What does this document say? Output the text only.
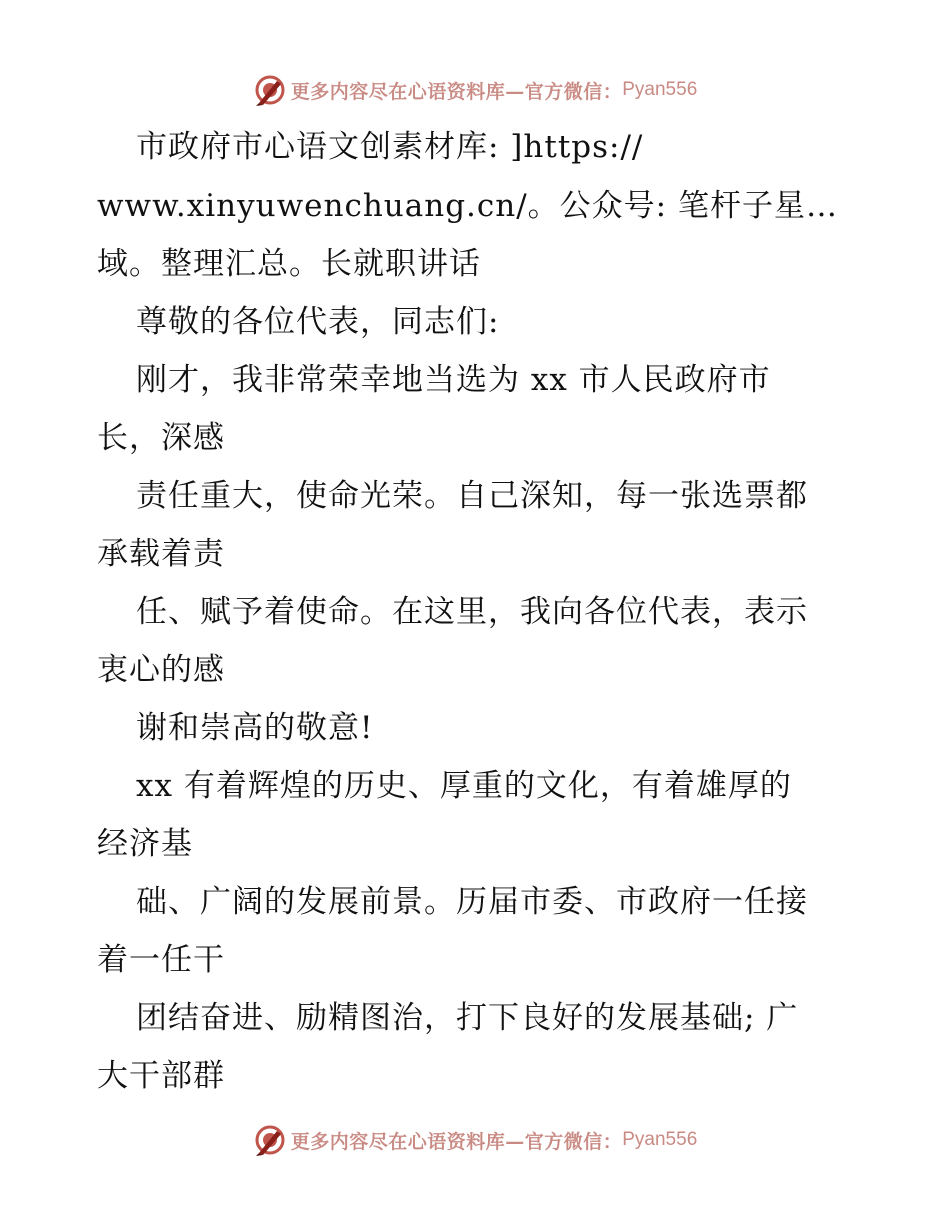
更多内容尽在心语资料库—官方微信： Pyan556
市政府市心语文创素材库: ]https://
www.xinyuwenchuang.cn/。公众号: 笔杆子星…
域。整理汇总。长就职讲话
尊敬的各位代表，同志们:
刚才，我非常荣幸地当选为 xx 市人民政府市
长，深感
责任重大，使命光荣。自己深知，每一张选票都
承载着责
任、赋予着使命。在这里，我向各位代表，表示
衷心的感
谢和崇高的敬意!
xx 有着辉煌的历史、厚重的文化，有着雄厚的
经济基
础、广阔的发展前景。历届市委、市政府一任接
着一任干
团结奋进、励精图治，打下良好的发展基础; 广
大干部群
更多内容尽在心语资料库—官方微信： Pyan556
